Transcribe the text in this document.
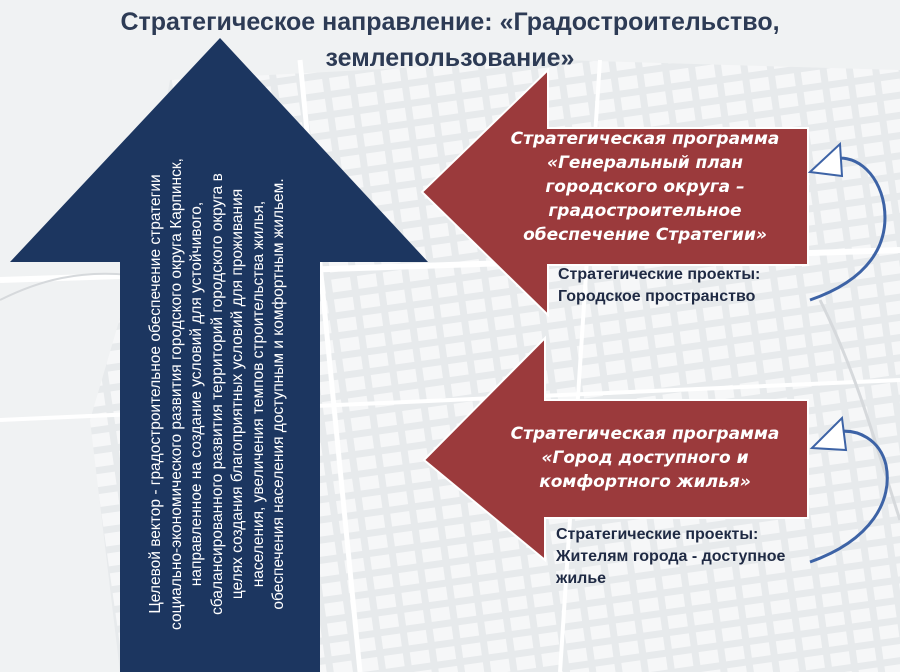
Стратегическое направление: «Градостроительство,
землепользование»
Целевой вектор - градостроительное обеспечение стратегии социально-экономического развития городского округа Карпинск, направленное на создание условий для устойчивого, сбалансированного развития территорий городского округа в целях создания благоприятных условий для проживания населения, увеличения темпов строительства жилья, обеспечения населения доступным и комфортным жильем.
Стратегическая программа
«Генеральный план
городского округа –
градостроительное
обеспечение Стратегии»
Стратегические проекты:
Городское пространство
Стратегическая программа
«Город доступного и
комфортного жилья»
Стратегические проекты:
Жителям города - доступное
жилье
